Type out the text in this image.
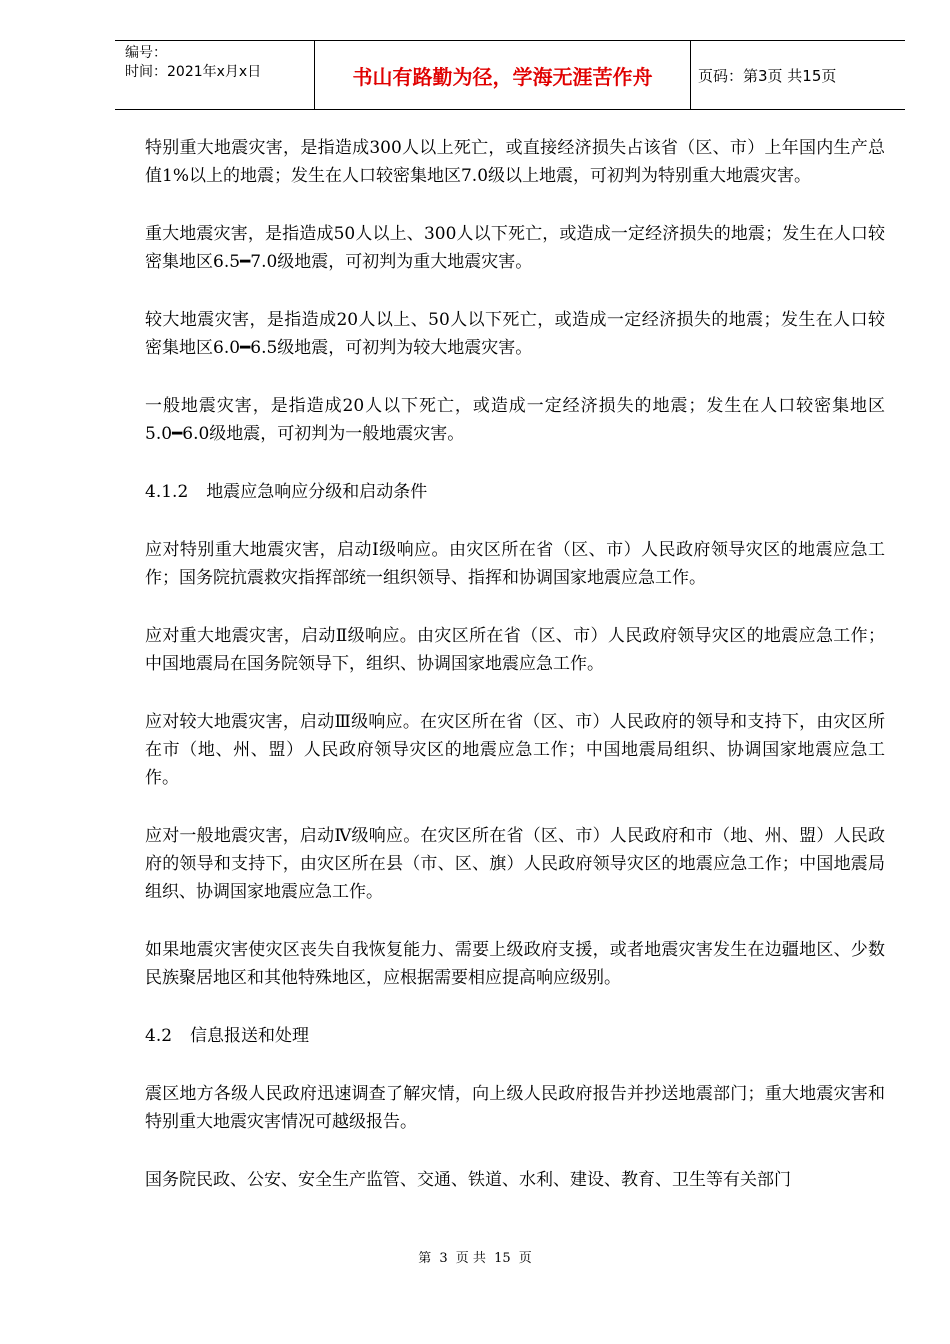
编号：
时间：2021年x月x日	书山有路勤为径，学海无涯苦作舟	页码：第3页 共15页

特别重大地震灾害，是指造成300人以上死亡，或直接经济损失占该省（区、市）上年国内生产总值1%以上的地震；发生在人口较密集地区7.0级以上地震，可初判为特别重大地震灾害。

重大地震灾害，是指造成50人以上、300人以下死亡，或造成一定经济损失的地震；发生在人口较密集地区6.5━7.0级地震，可初判为重大地震灾害。

较大地震灾害，是指造成20人以上、50人以下死亡，或造成一定经济损失的地震；发生在人口较密集地区6.0━6.5级地震，可初判为较大地震灾害。

一般地震灾害，是指造成20人以下死亡，或造成一定经济损失的地震；发生在人口较密集地区5.0━6.0级地震，可初判为一般地震灾害。

4.1.2 地震应急响应分级和启动条件

应对特别重大地震灾害，启动Ⅰ级响应。由灾区所在省（区、市）人民政府领导灾区的地震应急工作；国务院抗震救灾指挥部统一组织领导、指挥和协调国家地震应急工作。

应对重大地震灾害，启动Ⅱ级响应。由灾区所在省（区、市）人民政府领导灾区的地震应急工作；中国地震局在国务院领导下，组织、协调国家地震应急工作。

应对较大地震灾害，启动Ⅲ级响应。在灾区所在省（区、市）人民政府的领导和支持下，由灾区所在市（地、州、盟）人民政府领导灾区的地震应急工作；中国地震局组织、协调国家地震应急工作。

应对一般地震灾害，启动Ⅳ级响应。在灾区所在省（区、市）人民政府和市（地、州、盟）人民政府的领导和支持下，由灾区所在县（市、区、旗）人民政府领导灾区的地震应急工作；中国地震局组织、协调国家地震应急工作。

如果地震灾害使灾区丧失自我恢复能力、需要上级政府支援，或者地震灾害发生在边疆地区、少数民族聚居地区和其他特殊地区，应根据需要相应提高响应级别。

4.2 信息报送和处理

震区地方各级人民政府迅速调查了解灾情，向上级人民政府报告并抄送地震部门；重大地震灾害和特别重大地震灾害情况可越级报告。

国务院民政、公安、安全生产监管、交通、铁道、水利、建设、教育、卫生等有关部门

第 3 页 共 15 页
